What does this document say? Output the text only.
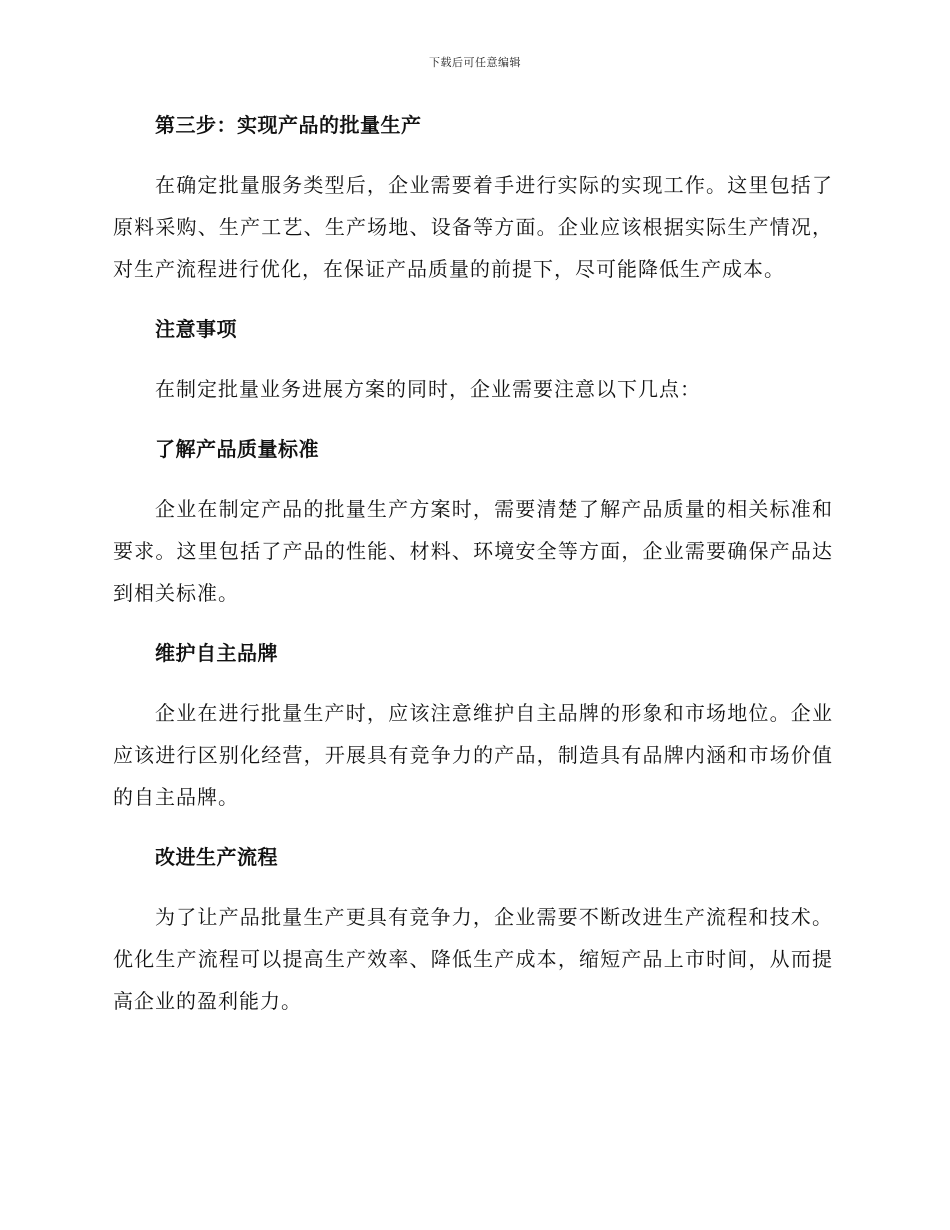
下载后可任意编辑

第三步：实现产品的批量生产

在确定批量服务类型后，企业需要着手进行实际的实现工作。这里包括了原料采购、生产工艺、生产场地、设备等方面。企业应该根据实际生产情况，对生产流程进行优化，在保证产品质量的前提下，尽可能降低生产成本。

注意事项

在制定批量业务进展方案的同时，企业需要注意以下几点：

了解产品质量标准

企业在制定产品的批量生产方案时，需要清楚了解产品质量的相关标准和要求。这里包括了产品的性能、材料、环境安全等方面，企业需要确保产品达到相关标准。

维护自主品牌

企业在进行批量生产时，应该注意维护自主品牌的形象和市场地位。企业应该进行区别化经营，开展具有竞争力的产品，制造具有品牌内涵和市场价值的自主品牌。

改进生产流程

为了让产品批量生产更具有竞争力，企业需要不断改进生产流程和技术。优化生产流程可以提高生产效率、降低生产成本，缩短产品上市时间，从而提高企业的盈利能力。
